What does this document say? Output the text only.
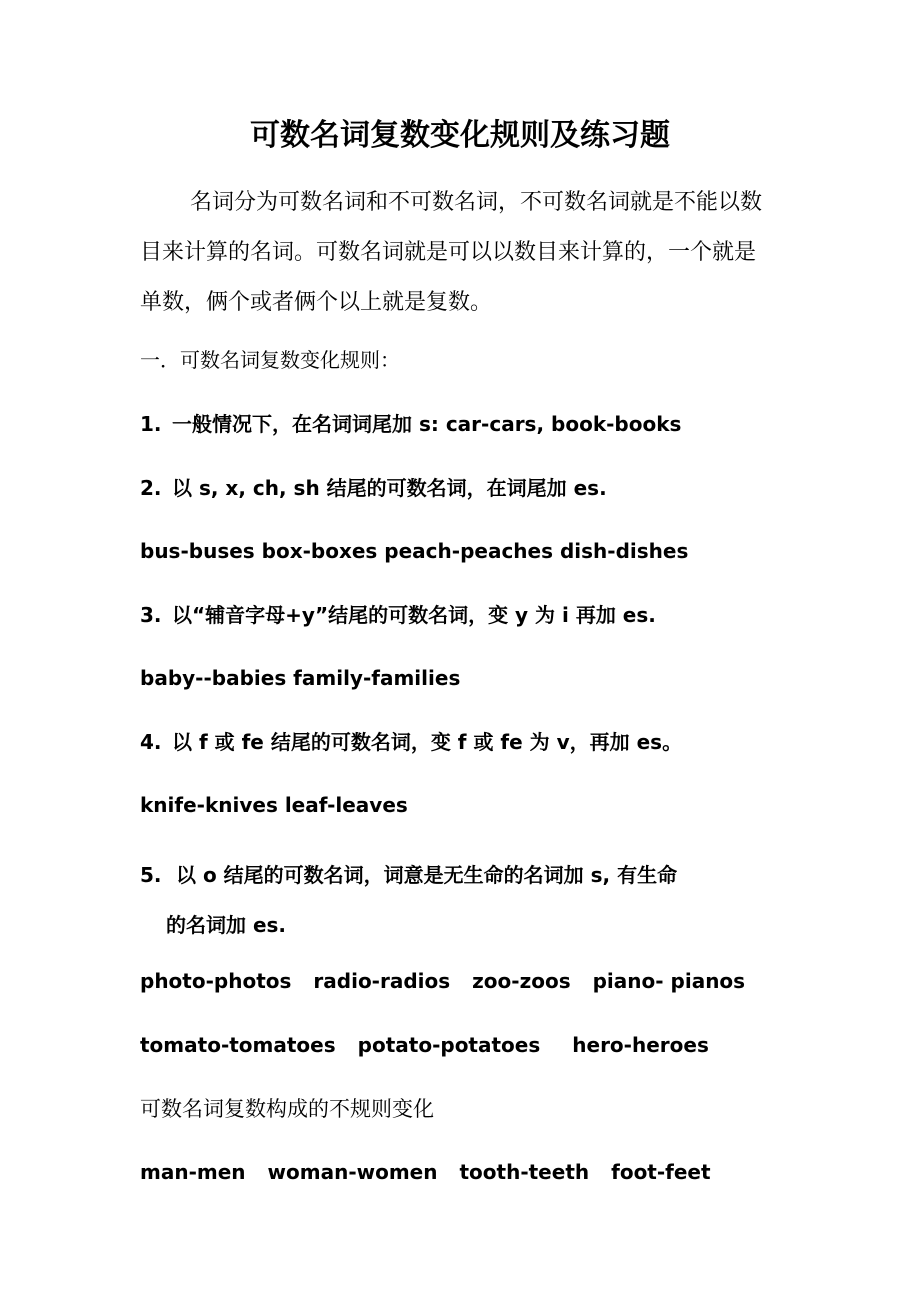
可数名词复数变化规则及练习题

名词分为可数名词和不可数名词，不可数名词就是不能以数目来计算的名词。可数名词就是可以以数目来计算的，一个就是单数，俩个或者俩个以上就是复数。

一．可数名词复数变化规则：

1. 一般情况下，在名词词尾加 s: car-cars, book-books

2. 以 s, x, ch, sh 结尾的可数名词，在词尾加 es.

bus-buses box-boxes peach-peaches dish-dishes

3. 以“辅音字母+y”结尾的可数名词，变 y 为 i 再加 es.

baby--babies family-families

4. 以 f 或 fe 结尾的可数名词，变 f 或 fe 为 v，再加 es。

knife-knives leaf-leaves

5. 以 o 结尾的可数名词，词意是无生命的名词加 s, 有生命
的名词加 es.

photo-photos radio-radios zoo-zoos piano- pianos

tomato-tomatoes potato-potatoes hero-heroes

可数名词复数构成的不规则变化

man-men woman-women tooth-teeth foot-feet
